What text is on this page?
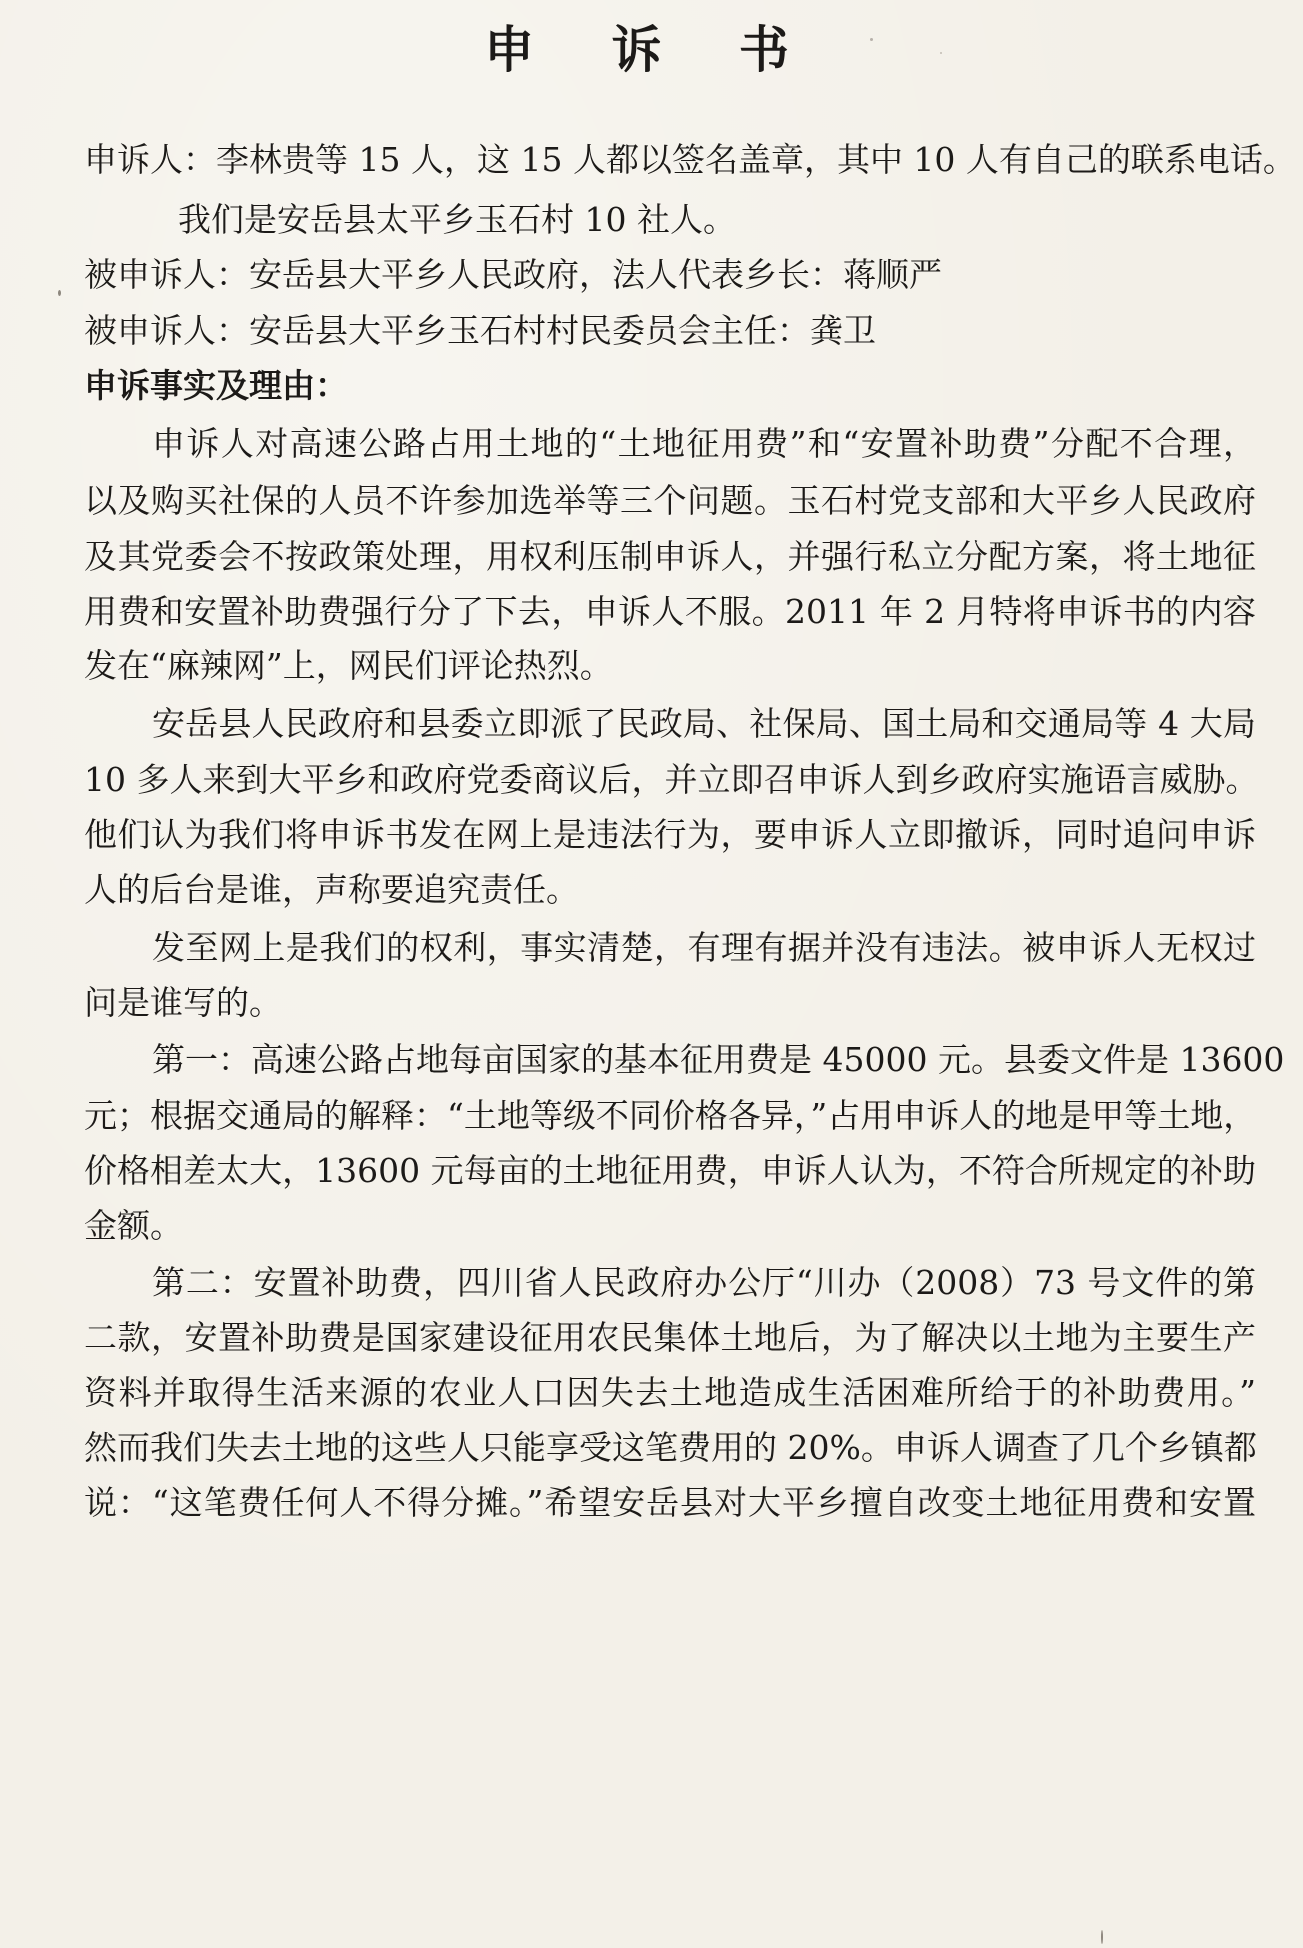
申 诉 书
申诉人：李林贵等 15 人，这 15 人都以签名盖章，其中 10 人有自己的联系电话。
我们是安岳县太平乡玉石村 10 社人。
被申诉人：安岳县大平乡人民政府，法人代表乡长：蒋顺严
被申诉人：安岳县大平乡玉石村村民委员会主任：龚卫
申诉事实及理由：
申诉人对高速公路占用土地的“土地征用费”和“安置补助费”分配不合理，
以及购买社保的人员不许参加选举等三个问题。玉石村党支部和大平乡人民政府
及其党委会不按政策处理，用权利压制申诉人，并强行私立分配方案，将土地征
用费和安置补助费强行分了下去，申诉人不服。2011 年 2 月特将申诉书的内容
发在“麻辣网”上，网民们评论热烈。
安岳县人民政府和县委立即派了民政局、社保局、国土局和交通局等 4 大局
10 多人来到大平乡和政府党委商议后，并立即召申诉人到乡政府实施语言威胁。
他们认为我们将申诉书发在网上是违法行为，要申诉人立即撤诉，同时追问申诉
人的后台是谁，声称要追究责任。
发至网上是我们的权利，事实清楚，有理有据并没有违法。被申诉人无权过
问是谁写的。
第一：高速公路占地每亩国家的基本征用费是 45000 元。县委文件是 13600
元；根据交通局的解释：“土地等级不同价格各异，”占用申诉人的地是甲等土地，
价格相差太大，13600 元每亩的土地征用费，申诉人认为，不符合所规定的补助
金额。
第二：安置补助费，四川省人民政府办公厅“川办（2008）73 号文件的第
二款，安置补助费是国家建设征用农民集体土地后，为了解决以土地为主要生产
资料并取得生活来源的农业人口因失去土地造成生活困难所给于的补助费用。”
然而我们失去土地的这些人只能享受这笔费用的 20%。申诉人调查了几个乡镇都
说：“这笔费任何人不得分摊。”希望安岳县对大平乡擅自改变土地征用费和安置
